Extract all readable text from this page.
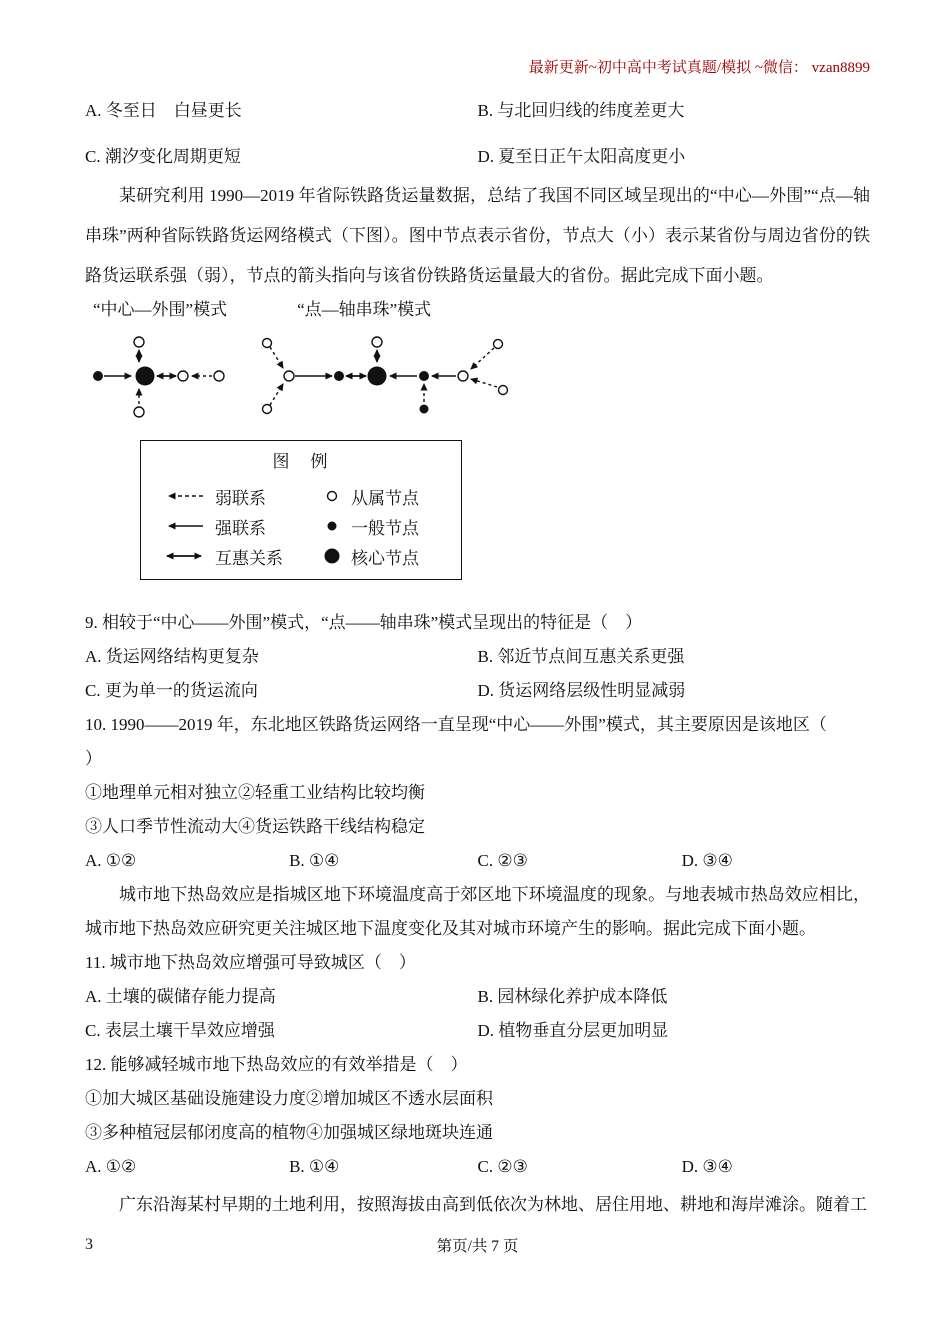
最新更新~初中高中考试真题/模拟 ~微信： vzan8899
A. 冬至日　白昼更长	B. 与北回归线的纬度差更大
C. 潮汐变化周期更短	D. 夏至日正午太阳高度更小

某研究利用 1990—2019 年省际铁路货运量数据，总结了我国不同区域呈现出的“中心—外围”“点—轴串珠”两种省际铁路货运网络模式（下图）。图中节点表示省份，节点大（小）表示某省份与周边省份的铁路货运联系强（弱），节点的箭头指向与该省份铁路货运量最大的省份。据此完成下面小题。

“中心—外围”模式	“点—轴串珠”模式
图　例
弱联系
强联系
互惠关系
从属节点
一般节点
核心节点
9. 相较于“中心——外围”模式，“点——轴串珠”模式呈现出的特征是（　）
A. 货运网络结构更复杂	B. 邻近节点间互惠关系更强
C. 更为单一的货运流向	D. 货运网络层级性明显减弱
10. 1990——2019 年，东北地区铁路货运网络一直呈现“中心——外围”模式，其主要原因是该地区（
）
①地理单元相对独立②轻重工业结构比较均衡
③人口季节性流动大④货运铁路干线结构稳定
A. ①②	B. ①④	C. ②③	D. ③④

城市地下热岛效应是指城区地下环境温度高于郊区地下环境温度的现象。与地表城市热岛效应相比，城市地下热岛效应研究更关注城区地下温度变化及其对城市环境产生的影响。据此完成下面小题。

11. 城市地下热岛效应增强可导致城区（　）
A. 土壤的碳储存能力提高	B. 园林绿化养护成本降低
C. 表层土壤干旱效应增强	D. 植物垂直分层更加明显
12. 能够减轻城市地下热岛效应的有效举措是（　）
①加大城区基础设施建设力度②增加城区不透水层面积
③多种植冠层郁闭度高的植物④加强城区绿地斑块连通
A. ①②	B. ①④	C. ②③	D. ③④

广东沿海某村早期的土地利用，按照海拔由高到低依次为林地、居住用地、耕地和海岸滩涂。随着工

3	第页/共 7 页
